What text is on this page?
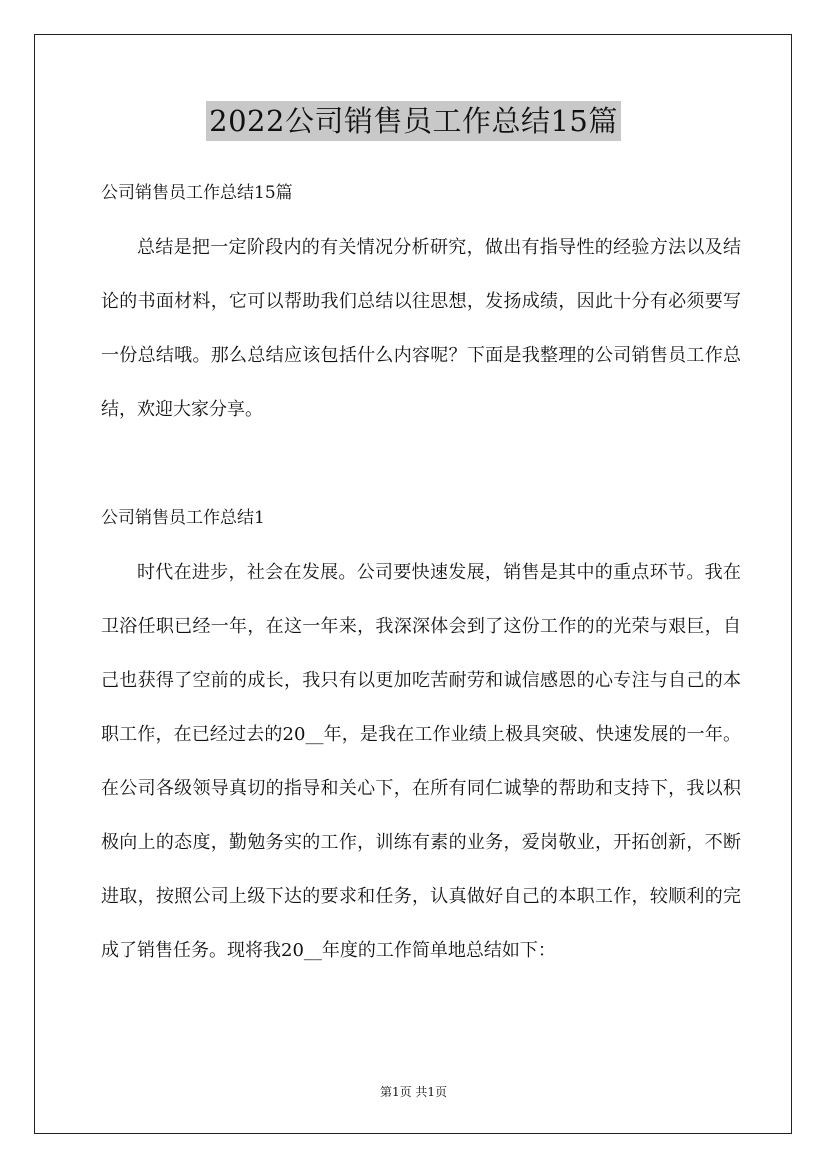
2022公司销售员工作总结15篇
公司销售员工作总结15篇

总结是把一定阶段内的有关情况分析研究，做出有指导性的经验方法以及结论的书面材料，它可以帮助我们总结以往思想，发扬成绩，因此十分有必须要写一份总结哦。那么总结应该包括什么内容呢？下面是我整理的公司销售员工作总结，欢迎大家分享。

公司销售员工作总结1

时代在进步，社会在发展。公司要快速发展，销售是其中的重点环节。我在卫浴任职已经一年，在这一年来，我深深体会到了这份工作的的光荣与艰巨，自己也获得了空前的成长，我只有以更加吃苦耐劳和诚信感恩的心专注与自己的本职工作，在已经过去的20__年，是我在工作业绩上极具突破、快速发展的一年。在公司各级领导真切的指导和关心下，在所有同仁诚挚的帮助和支持下，我以积极向上的态度，勤勉务实的工作，训练有素的业务，爱岗敬业，开拓创新，不断进取，按照公司上级下达的要求和任务，认真做好自己的本职工作，较顺利的完成了销售任务。现将我20__年度的工作简单地总结如下：

第1页 共1页
